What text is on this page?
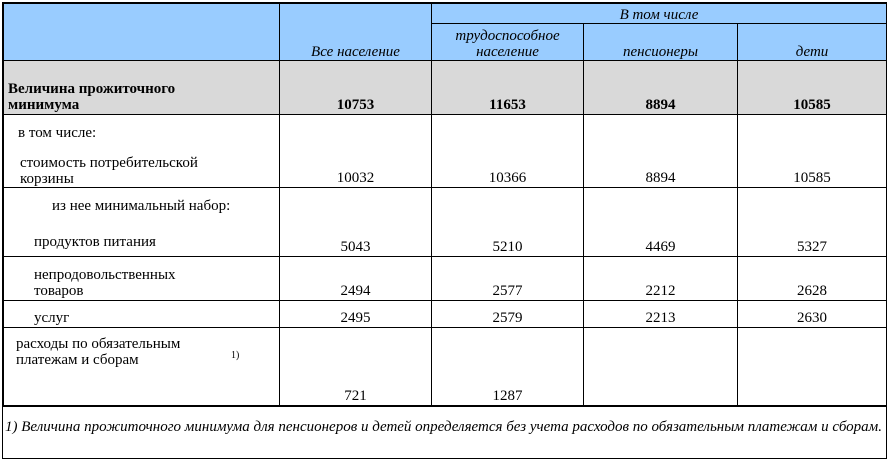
	Все население	В том числе		
		трудоспособное население	пенсионеры	дети
Величина прожиточного минимума	10753	11653	8894	10585

в том числе:
стоимость потребительской корзины	10032	10366	8894	10585

из нее минимальный набор:
продуктов питания	5043	5210	4469	5327
непродовольственных товаров	2494	2577	2212	2628
услуг	2495	2579	2213	2630
расходы по обязательным платежам и сборам $^{1)}$	721	1287		
1) Величина прожиточного минимума для пенсионеров и детей определяется без учета расходов по обязательным платежам и сборам.
